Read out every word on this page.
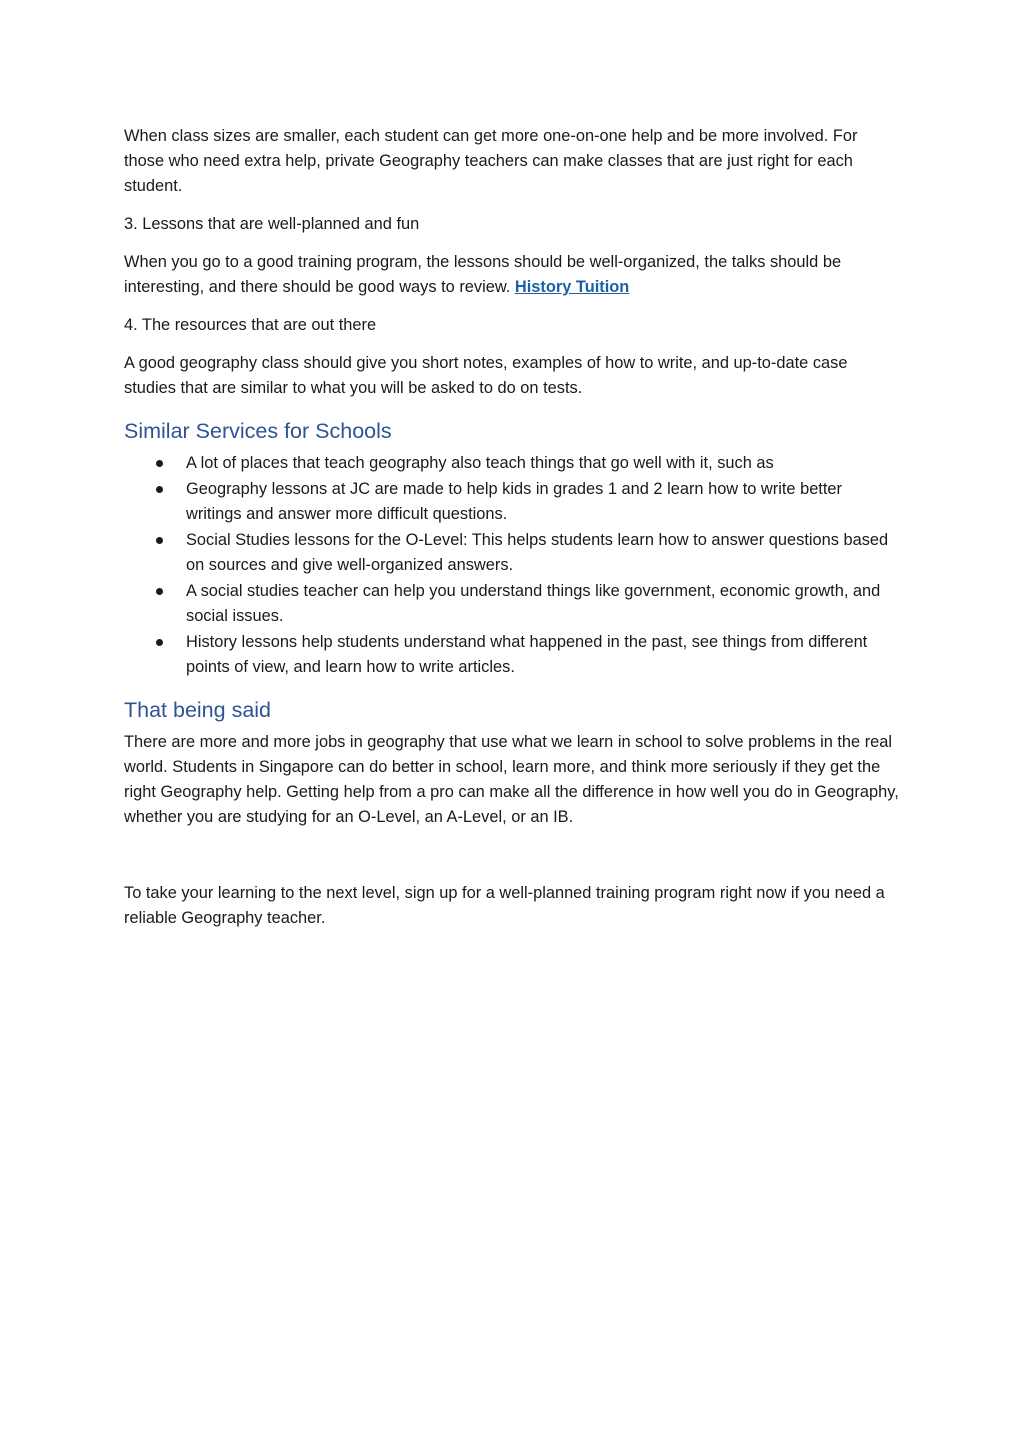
When class sizes are smaller, each student can get more one-on-one help and be more involved. For those who need extra help, private Geography teachers can make classes that are just right for each student.

3. Lessons that are well-planned and fun

When you go to a good training program, the lessons should be well-organized, the talks should be interesting, and there should be good ways to review. History Tuition

4. The resources that are out there

A good geography class should give you short notes, examples of how to write, and up-to-date case studies that are similar to what you will be asked to do on tests.

Similar Services for Schools
A lot of places that teach geography also teach things that go well with it, such as
Geography lessons at JC are made to help kids in grades 1 and 2 learn how to write better writings and answer more difficult questions.
Social Studies lessons for the O-Level: This helps students learn how to answer questions based on sources and give well-organized answers.
A social studies teacher can help you understand things like government, economic growth, and social issues.
History lessons help students understand what happened in the past, see things from different points of view, and learn how to write articles.
That being said

There are more and more jobs in geography that use what we learn in school to solve problems in the real world. Students in Singapore can do better in school, learn more, and think more seriously if they get the right Geography help. Getting help from a pro can make all the difference in how well you do in Geography, whether you are studying for an O-Level, an A-Level, or an IB.

To take your learning to the next level, sign up for a well-planned training program right now if you need a reliable Geography teacher.
